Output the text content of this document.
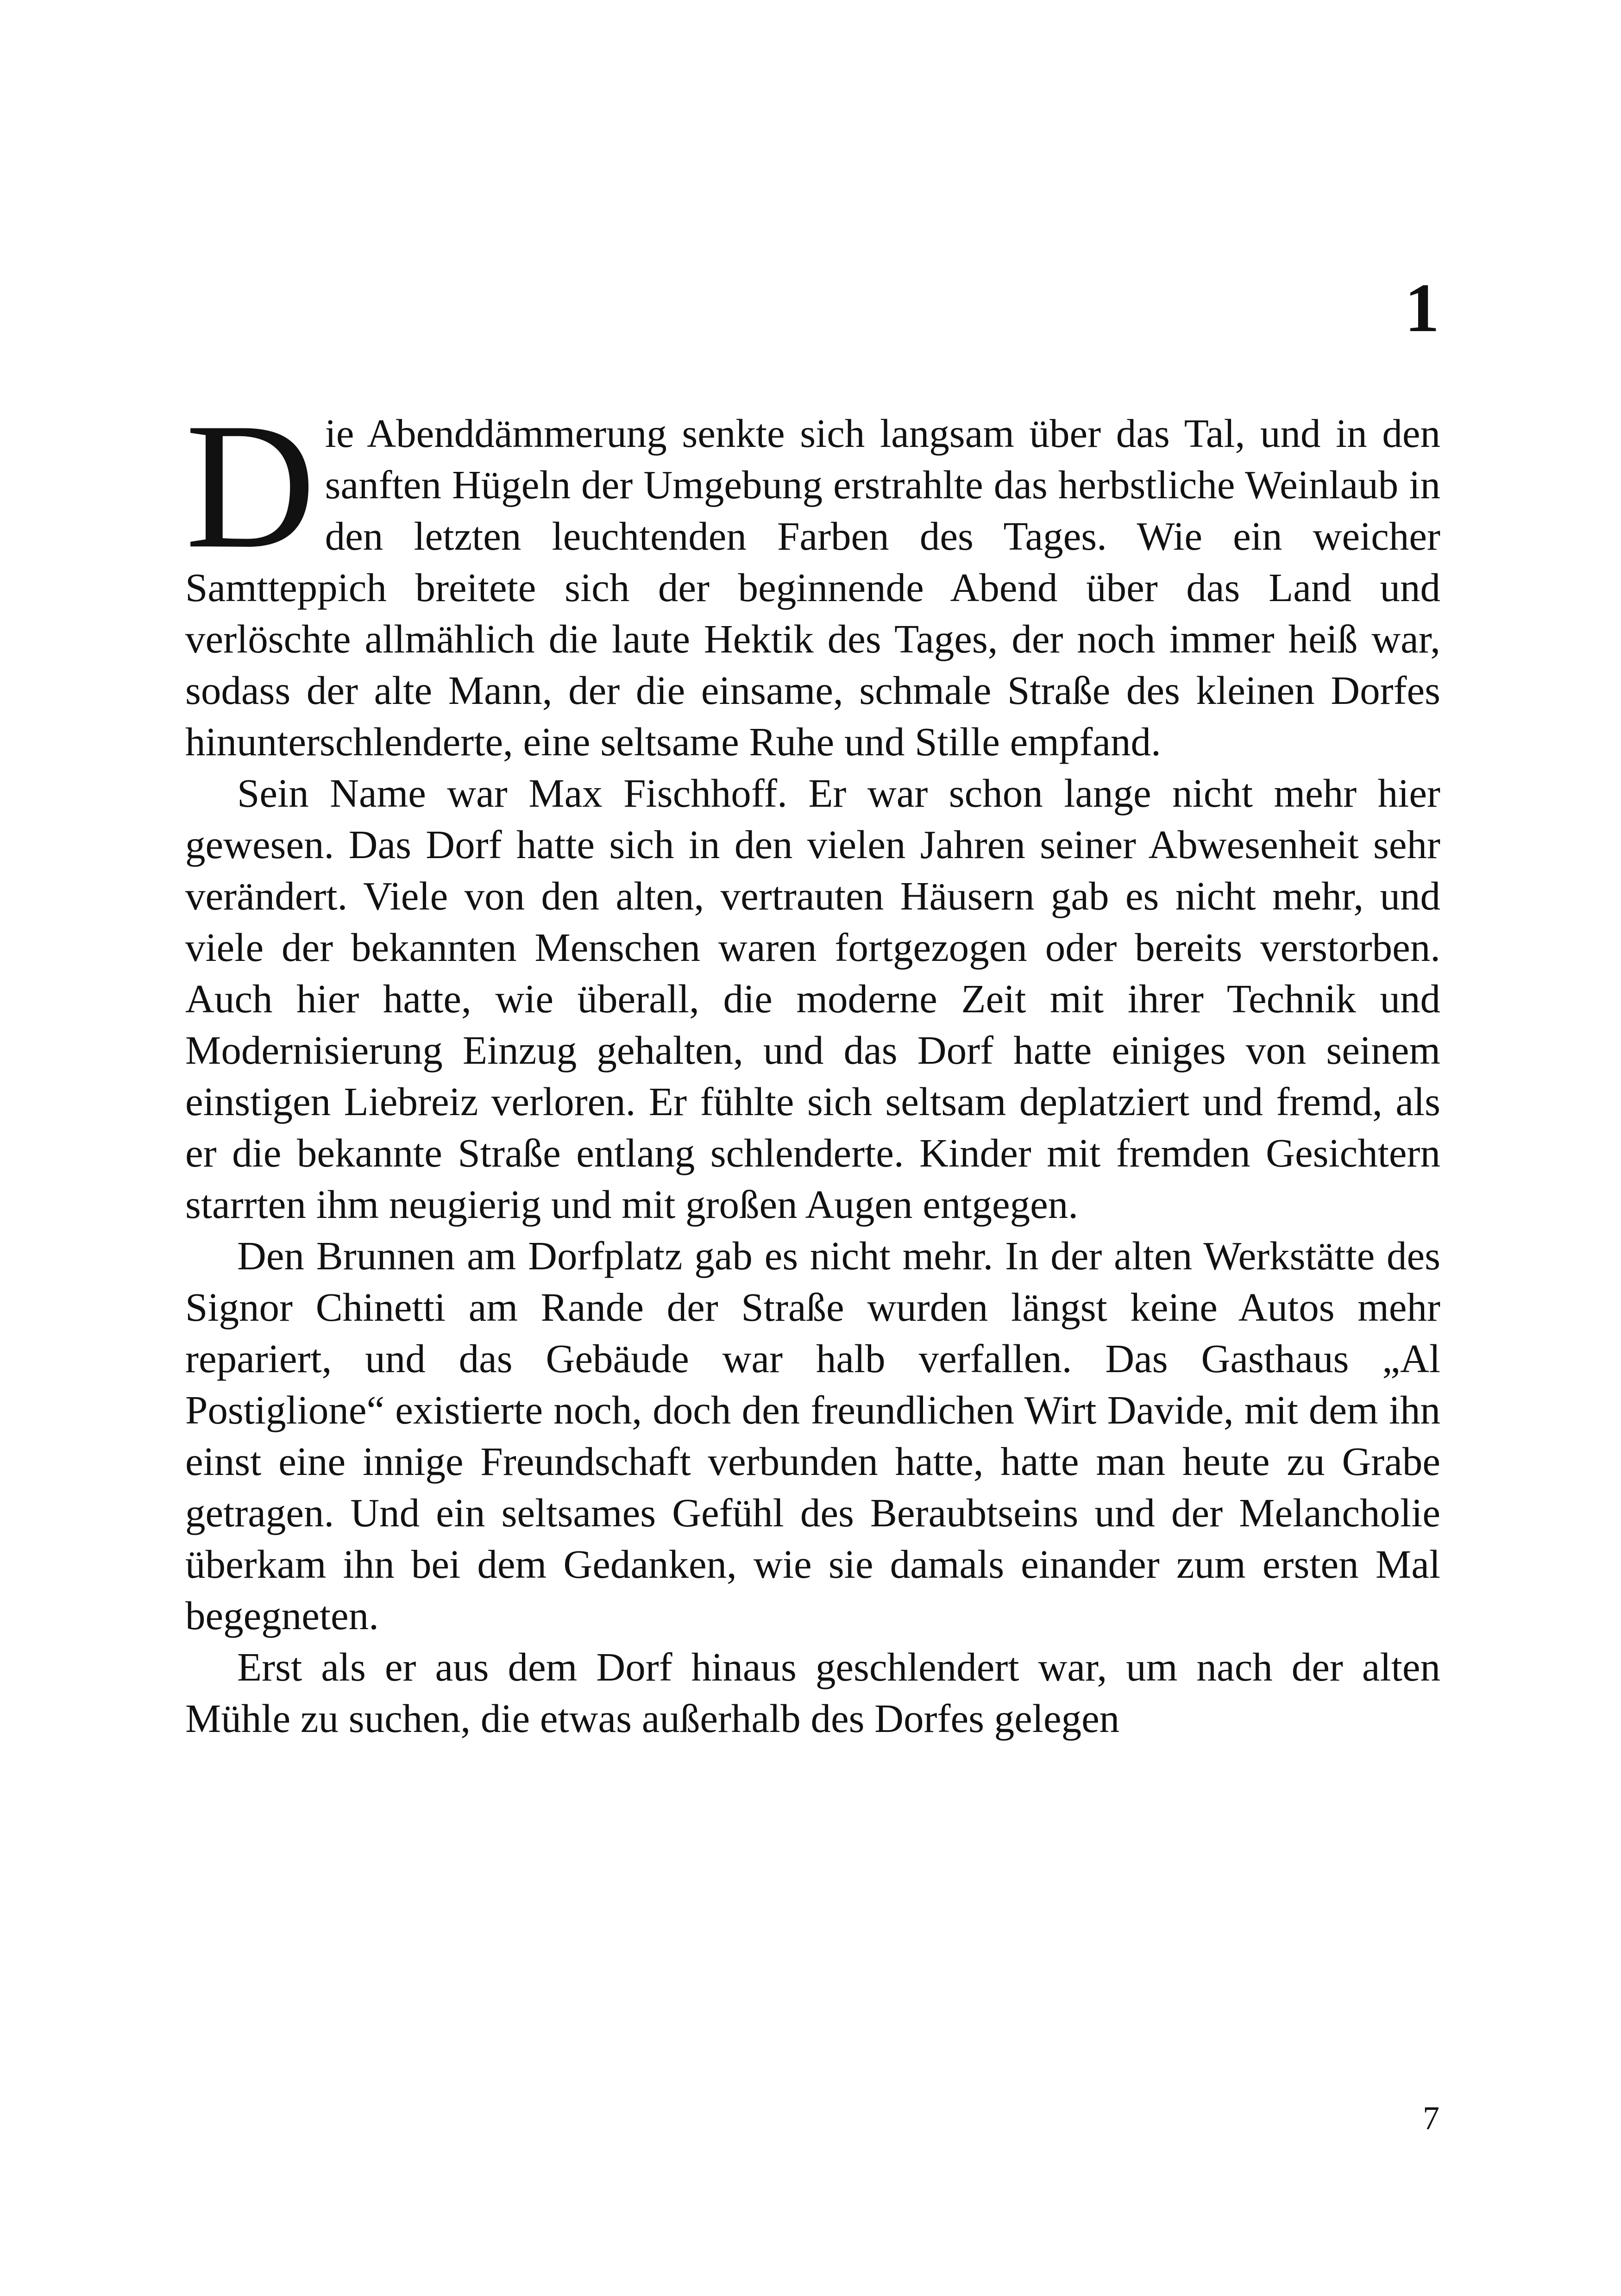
1

Die Abenddämmerung senkte sich langsam über das Tal, und in den sanften Hügeln der Umgebung erstrahlte das herbstliche Weinlaub in den letzten leuchtenden Farben des Tages. Wie ein weicher Samtteppich breitete sich der beginnende Abend über das Land und verlöschte allmählich die laute Hektik des Tages, der noch immer heiß war, sodass der alte Mann, der die einsame, schmale Straße des kleinen Dorfes hinunterschlenderte, eine seltsame Ruhe und Stille empfand.

Sein Name war Max Fischhoff. Er war schon lange nicht mehr hier gewesen. Das Dorf hatte sich in den vielen Jahren seiner Abwesenheit sehr verändert. Viele von den alten, vertrauten Häusern gab es nicht mehr, und viele der bekannten Menschen waren fortgezogen oder bereits verstorben. Auch hier hatte, wie überall, die moderne Zeit mit ihrer Technik und Modernisierung Einzug gehalten, und das Dorf hatte einiges von seinem einstigen Liebreiz verloren. Er fühlte sich seltsam deplatziert und fremd, als er die bekannte Straße entlang schlenderte. Kinder mit fremden Gesichtern starrten ihm neugierig und mit großen Augen entgegen.

Den Brunnen am Dorfplatz gab es nicht mehr. In der alten Werkstätte des Signor Chinetti am Rande der Straße wurden längst keine Autos mehr repariert, und das Gebäude war halb verfallen. Das Gasthaus „Al Postiglione“ existierte noch, doch den freundlichen Wirt Davide, mit dem ihn einst eine innige Freundschaft verbunden hatte, hatte man heute zu Grabe getragen. Und ein seltsames Gefühl des Beraubtseins und der Melancholie überkam ihn bei dem Gedanken, wie sie damals einander zum ersten Mal begegneten.

Erst als er aus dem Dorf hinaus geschlendert war, um nach der alten Mühle zu suchen, die etwas außerhalb des Dorfes gelegen

7
